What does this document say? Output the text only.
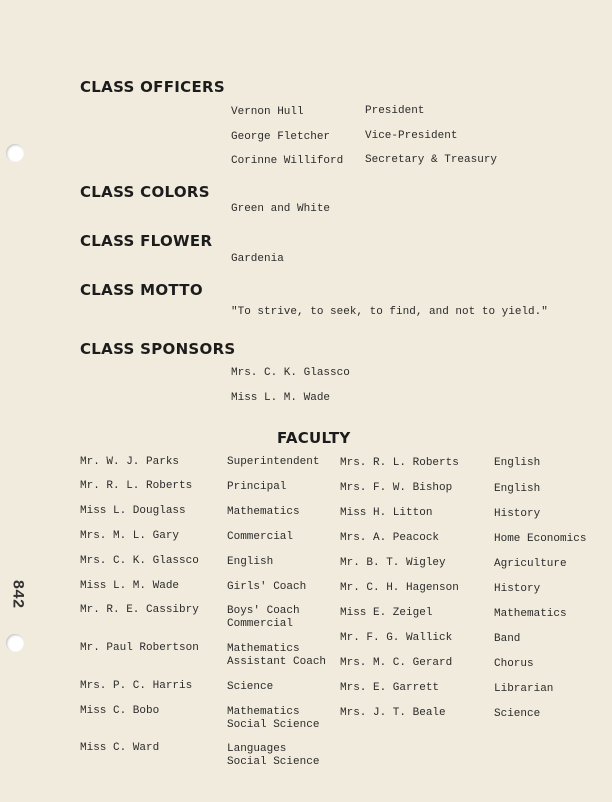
CLASS OFFICERS
Vernon Hull	President
George Fletcher	Vice-President
Corinne Williford Secretary & Treasury
CLASS COLORS
Green and White
CLASS FLOWER
Gardenia
CLASS MOTTO
"To strive, to seek, to find, and not to yield."
CLASS SPONSORS
Mrs. C. K. Glassco
Miss L. M. Wade
FACULTY
Mr. W. J. Parks	Superintendent
Mr. R. L. Roberts	Principal
Miss L. Douglass	Mathematics
Mrs. M. L. Gary	Commercial
Mrs. C. K. Glassco	English
Miss L. M. Wade	Girls' Coach
Mr. R. E. Cassibry	Boys' Coach
Commercial
Mr. Paul Robertson	Mathematics
Assistant Coach
Mrs. P. C. Harris	Science
Miss C. Bobo	Mathematics
Social Science
Miss C. Ward	Languages
Social Science
Mrs. R. L. Roberts	English
Mrs. F. W. Bishop	English
Miss H. Litton	History
Mrs. A. Peacock	Home Economics
Mr. B. T. Wigley	Agriculture
Mr. C. H. Hagenson	History
Miss E. Zeigel	Mathematics
Mr. F. G. Wallick	Band
Mrs. M. C. Gerard	Chorus
Mrs. E. Garrett	Librarian
Mrs. J. T. Beale	Science
842
